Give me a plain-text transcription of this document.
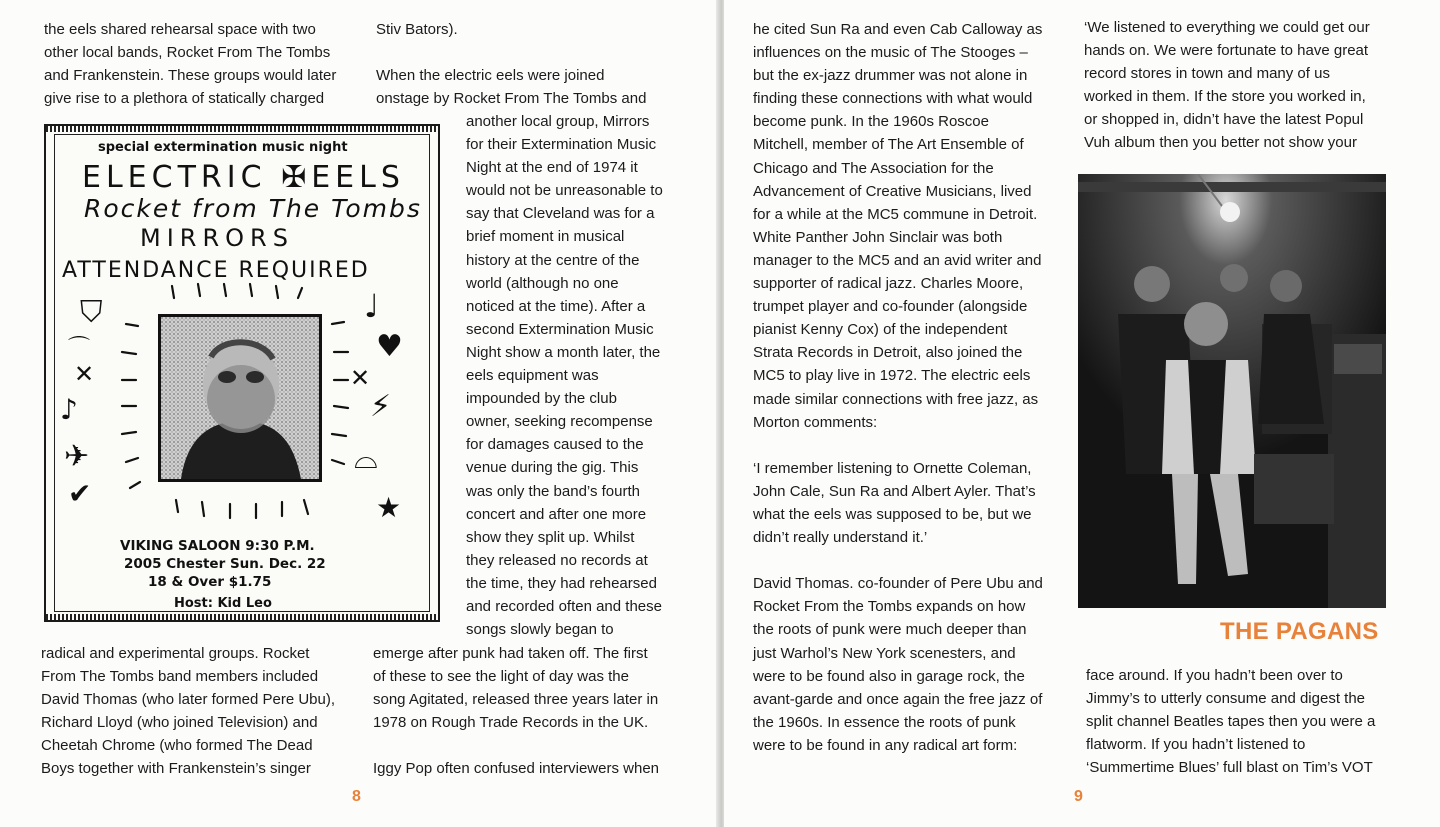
the eels shared rehearsal space with two
other local bands, Rocket From The Tombs
and Frankenstein. These groups would later
give rise to a plethora of statically charged

special extermination music night
ELECTRIC ✠EELS
Rocket from The Tombs
MIRRORS
ATTENDANCE REQUIRED
⛉
⌒
✕
♪
✈
✔
♩
♥
✕
⚡
⌓
★
VIKING SALOON 9:30 P.M.
2005 Chester Sun. Dec. 22
18 & Over $1.75
Host: Kid Leo

Stiv Bators).

When the electric eels were joined
onstage by Rocket From The Tombs and

another local group, Mirrors
for their Extermination Music
Night at the end of 1974 it
would not be unreasonable to
say that Cleveland was for a
brief moment in musical
history at the centre of the
world (although no one
noticed at the time). After a
second Extermination Music
Night show a month later, the
eels equipment was
impounded by the club
owner, seeking recompense
for damages caused to the
venue during the gig. This
was only the band’s fourth
concert and after one more
show they split up. Whilst
they released no records at
the time, they had rehearsed
and recorded often and these
songs slowly began to

radical and experimental groups. Rocket
From The Tombs band members included
David Thomas (who later formed Pere Ubu),
Richard Lloyd (who joined Television) and
Cheetah Chrome (who formed The Dead
Boys together with Frankenstein’s singer

emerge after punk had taken off. The first
of these to see the light of day was the
song Agitated, released three years later in
1978 on Rough Trade Records in the UK.

Iggy Pop often confused interviewers when

8

he cited Sun Ra and even Cab Calloway as
influences on the music of The Stooges –
but the ex-jazz drummer was not alone in
finding these connections with what would
become punk. In the 1960s Roscoe
Mitchell, member of The Art Ensemble of
Chicago and The Association for the
Advancement of Creative Musicians, lived
for a while at the MC5 commune in Detroit.
White Panther John Sinclair was both
manager to the MC5 and an avid writer and
supporter of radical jazz. Charles Moore,
trumpet player and co-founder (alongside
pianist Kenny Cox) of the independent
Strata Records in Detroit, also joined the
MC5 to play live in 1972. The electric eels
made similar connections with free jazz, as
Morton comments:

‘I remember listening to Ornette Coleman,
John Cale, Sun Ra and Albert Ayler. That’s
what the eels was supposed to be, but we
didn’t really understand it.’

David Thomas. co-founder of Pere Ubu and
Rocket From the Tombs expands on how
the roots of punk were much deeper than
just Warhol’s New York scenesters, and
were to be found also in garage rock, the
avant-garde and once again the free jazz of
the 1960s. In essence the roots of punk
were to be found in any radical art form:

‘We listened to everything we could get our
hands on. We were fortunate to have great
record stores in town and many of us
worked in them. If the store you worked in,
or shopped in, didn’t have the latest Popul
Vuh album then you better not show your

THE PAGANS

face around. If you hadn’t been over to
Jimmy’s to utterly consume and digest the
split channel Beatles tapes then you were a
flatworm. If you hadn’t listened to
‘Summertime Blues’ full blast on Tim’s VOT

9
